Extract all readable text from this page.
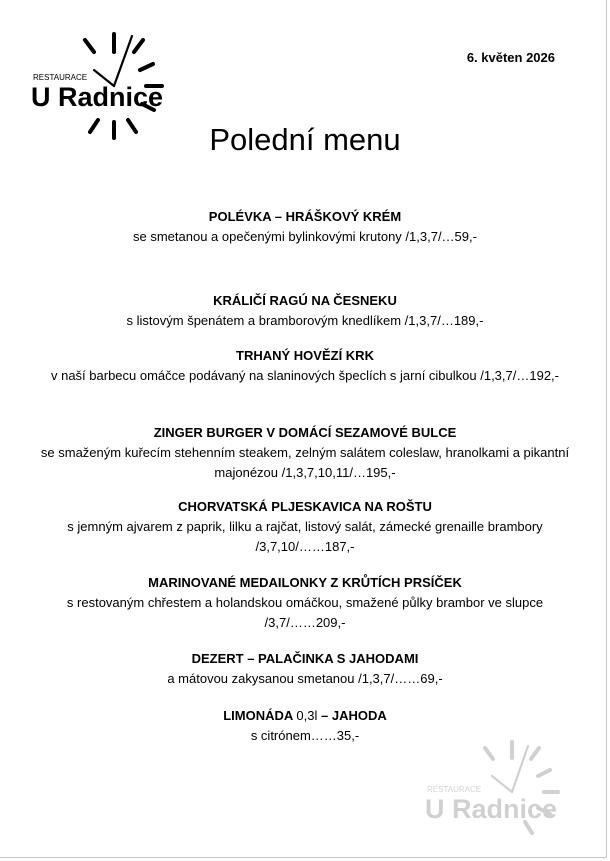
RESTAURACE
U Radnice
6. květen 2026
Polední menu
POLÉVKA – HRÁŠKOVÝ KRÉM
se smetanou a opečenými bylinkovými krutony /1,3,7/…59,-
KRÁLIČÍ RAGÚ NA ČESNEKU
s listovým špenátem a bramborovým knedlíkem /1,3,7/…189,-
TRHANÝ HOVĚZÍ KRK
v naší barbecu omáčce podávaný na slaninových špeclích s jarní cibulkou /1,3,7/…192,-
ZINGER BURGER V DOMÁCÍ SEZAMOVÉ BULCE
se smaženým kuřecím stehenním steakem, zelným salátem coleslaw, hranolkami a pikantní majonézou /1,3,7,10,11/…195,-
CHORVATSKÁ PLJESKAVICA NA ROŠTU
s jemným ajvarem z paprik, lilku a rajčat, listový salát, zámecké grenaille brambory /3,7,10/……187,-
MARINOVANÉ MEDAILONKY Z KRŮTÍCH PRSÍČEK
s restovaným chřestem a holandskou omáčkou, smažené půlky brambor ve slupce /3,7/……209,-
DEZERT – PALAČINKA S JAHODAMI
a mátovou zakysanou smetanou /1,3,7/……69,-
LIMONÁDA 0,3l – JAHODA
s citrónem……35,-
RESTAURACE
U Radnice
